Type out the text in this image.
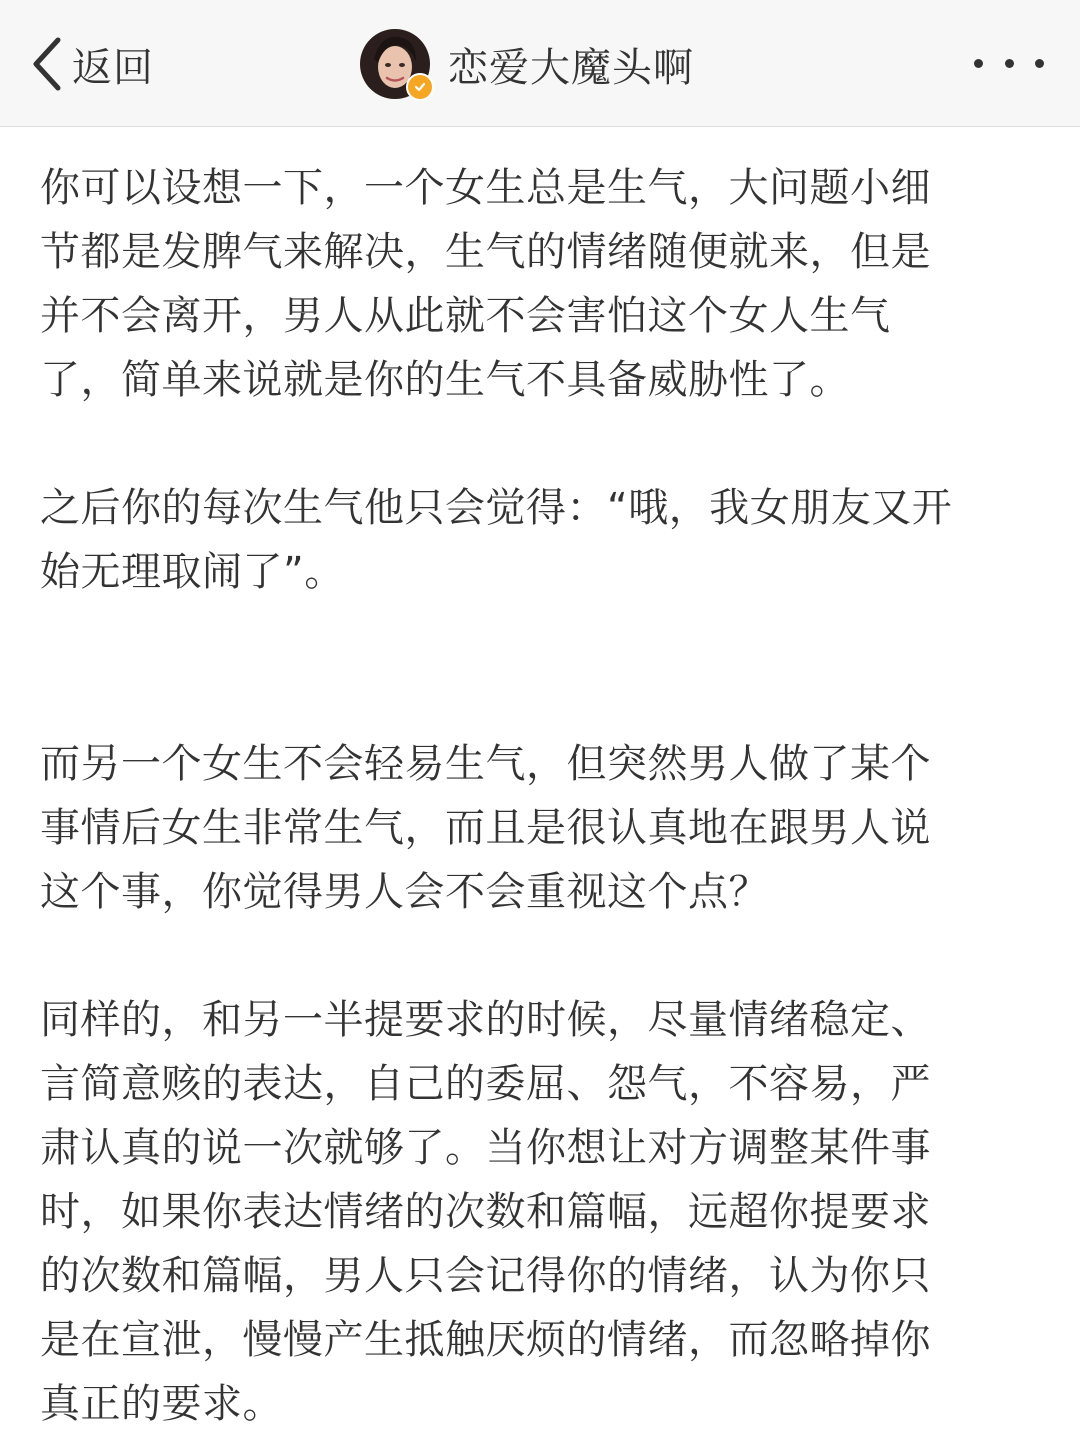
返回	恋爱大魔头啊

你可以设想一下，一个女生总是生气，大问题小细
节都是发脾气来解决，生气的情绪随便就来，但是
并不会离开，男人从此就不会害怕这个女人生气
了，简单来说就是你的生气不具备威胁性了。

之后你的每次生气他只会觉得：“哦，我女朋友又开
始无理取闹了”。

而另一个女生不会轻易生气，但突然男人做了某个
事情后女生非常生气，而且是很认真地在跟男人说
这个事，你觉得男人会不会重视这个点？

同样的，和另一半提要求的时候，尽量情绪稳定、
言简意赅的表达，自己的委屈、怨气，不容易，严
肃认真的说一次就够了。当你想让对方调整某件事
时，如果你表达情绪的次数和篇幅，远超你提要求
的次数和篇幅，男人只会记得你的情绪，认为你只
是在宣泄，慢慢产生抵触厌烦的情绪，而忽略掉你
真正的要求。
